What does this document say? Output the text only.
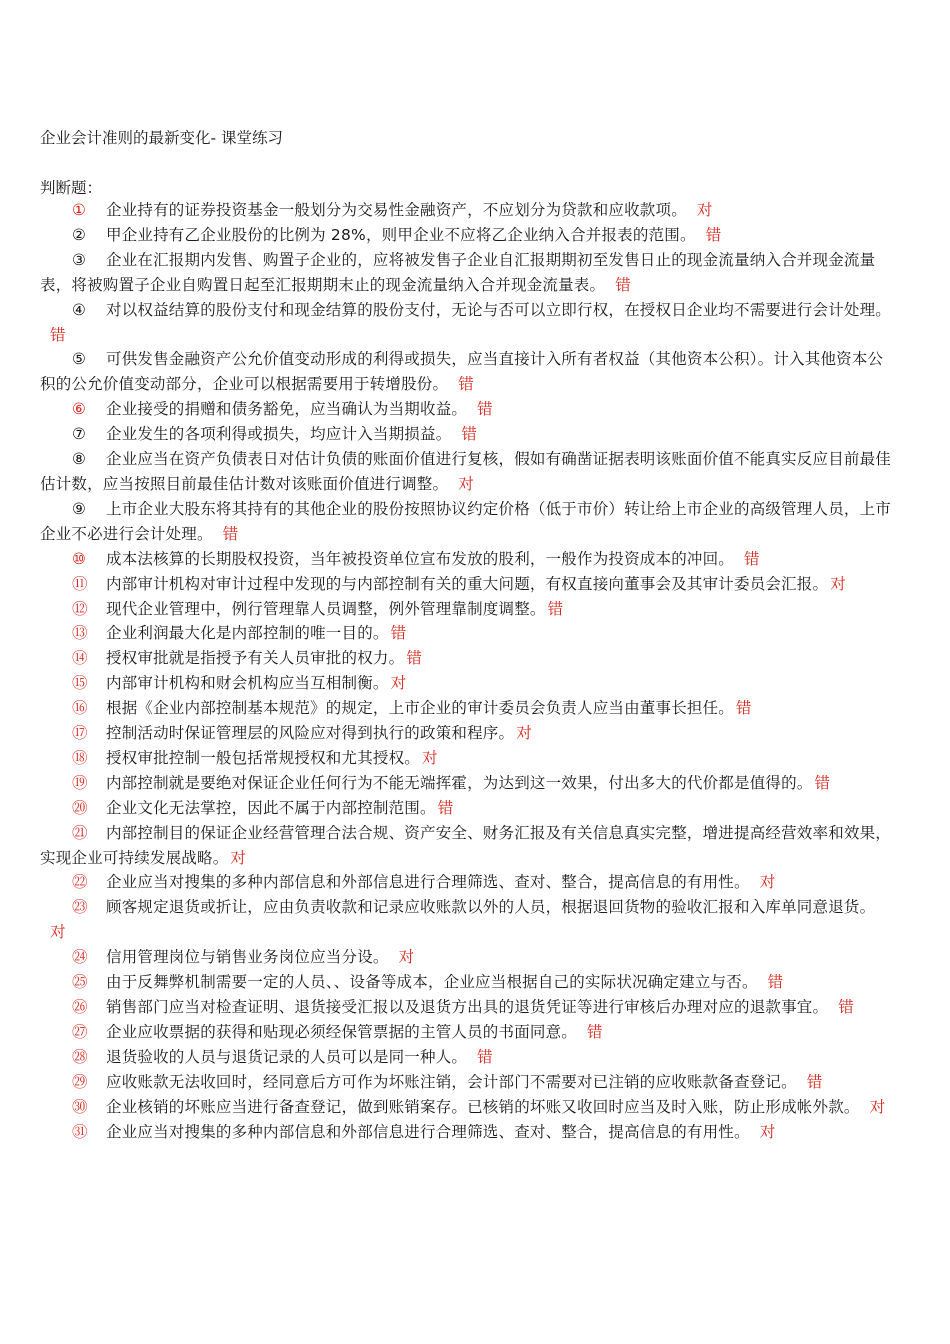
企业会计准则的最新变化- 课堂练习
判断题：
① 企业持有的证券投资基金一般划分为交易性金融资产，不应划分为贷款和应收款项。 对
② 甲企业持有乙企业股份的比例为 28%，则甲企业不应将乙企业纳入合并报表的范围。 错
③ 企业在汇报期内发售、购置子企业的，应将被发售子企业自汇报期期初至发售日止的现金流量纳入合并现金流量表，将被购置子企业自购置日起至汇报期期末止的现金流量纳入合并现金流量表。 错
④ 对以权益结算的股份支付和现金结算的股份支付，无论与否可以立即行权，在授权日企业均不需要进行会计处理。错
⑤ 可供发售金融资产公允价值变动形成的利得或损失，应当直接计入所有者权益（其他资本公积）。计入其他资本公积的公允价值变动部分，企业可以根据需要用于转增股份。 错
⑥ 企业接受的捐赠和债务豁免，应当确认为当期收益。 错
⑦ 企业发生的各项利得或损失，均应计入当期损益。 错
⑧ 企业应当在资产负债表日对估计负债的账面价值进行复核，假如有确凿证据表明该账面价值不能真实反应目前最佳估计数，应当按照目前最佳估计数对该账面价值进行调整。 对
⑨ 上市企业大股东将其持有的其他企业的股份按照协议约定价格（低于市价）转让给上市企业的高级管理人员，上市企业不必进行会计处理。 错
⑩ 成本法核算的长期股权投资，当年被投资单位宣布发放的股利，一般作为投资成本的冲回。 错
⑪ 内部审计机构对审计过程中发现的与内部控制有关的重大问题，有权直接向董事会及其审计委员会汇报。 对
⑫ 现代企业管理中，例行管理靠人员调整，例外管理靠制度调整。 错
⑬ 企业利润最大化是内部控制的唯一目的。 错
⑭ 授权审批就是指授予有关人员审批的权力。 错
⑮ 内部审计机构和财会机构应当互相制衡。 对
⑯ 根据《企业内部控制基本规范》的规定，上市企业的审计委员会负责人应当由董事长担任。 错
⑰ 控制活动时保证管理层的风险应对得到执行的政策和程序。 对
⑱ 授权审批控制一般包括常规授权和尤其授权。 对
⑲ 内部控制就是要绝对保证企业任何行为不能无端挥霍，为达到这一效果，付出多大的代价都是值得的。 错
⑳ 企业文化无法掌控，因此不属于内部控制范围。 错
㉑ 内部控制目的保证企业经营管理合法合规、资产安全、财务汇报及有关信息真实完整，增进提高经营效率和效果，实现企业可持续发展战略。 对
㉒ 企业应当对搜集的多种内部信息和外部信息进行合理筛选、查对、整合，提高信息的有用性。 对
㉓ 顾客规定退货或折让，应由负责收款和记录应收账款以外的人员，根据退回货物的验收汇报和入库单同意退货。对
㉔ 信用管理岗位与销售业务岗位应当分设。 对
㉕ 由于反舞弊机制需要一定的人员、、设备等成本，企业应当根据自己的实际状况确定建立与否。 错
㉖ 销售部门应当对检查证明、退货接受汇报以及退货方出具的退货凭证等进行审核后办理对应的退款事宜。 错
㉗ 企业应收票据的获得和贴现必须经保管票据的主管人员的书面同意。 错
㉘ 退货验收的人员与退货记录的人员可以是同一种人。 错
㉙ 应收账款无法收回时，经同意后方可作为坏账注销，会计部门不需要对已注销的应收账款备查登记。 错
㉚ 企业核销的坏账应当进行备查登记，做到账销案存。已核销的坏账又收回时应当及时入账，防止形成帐外款。 对
㉛ 企业应当对搜集的多种内部信息和外部信息进行合理筛选、查对、整合，提高信息的有用性。 对
